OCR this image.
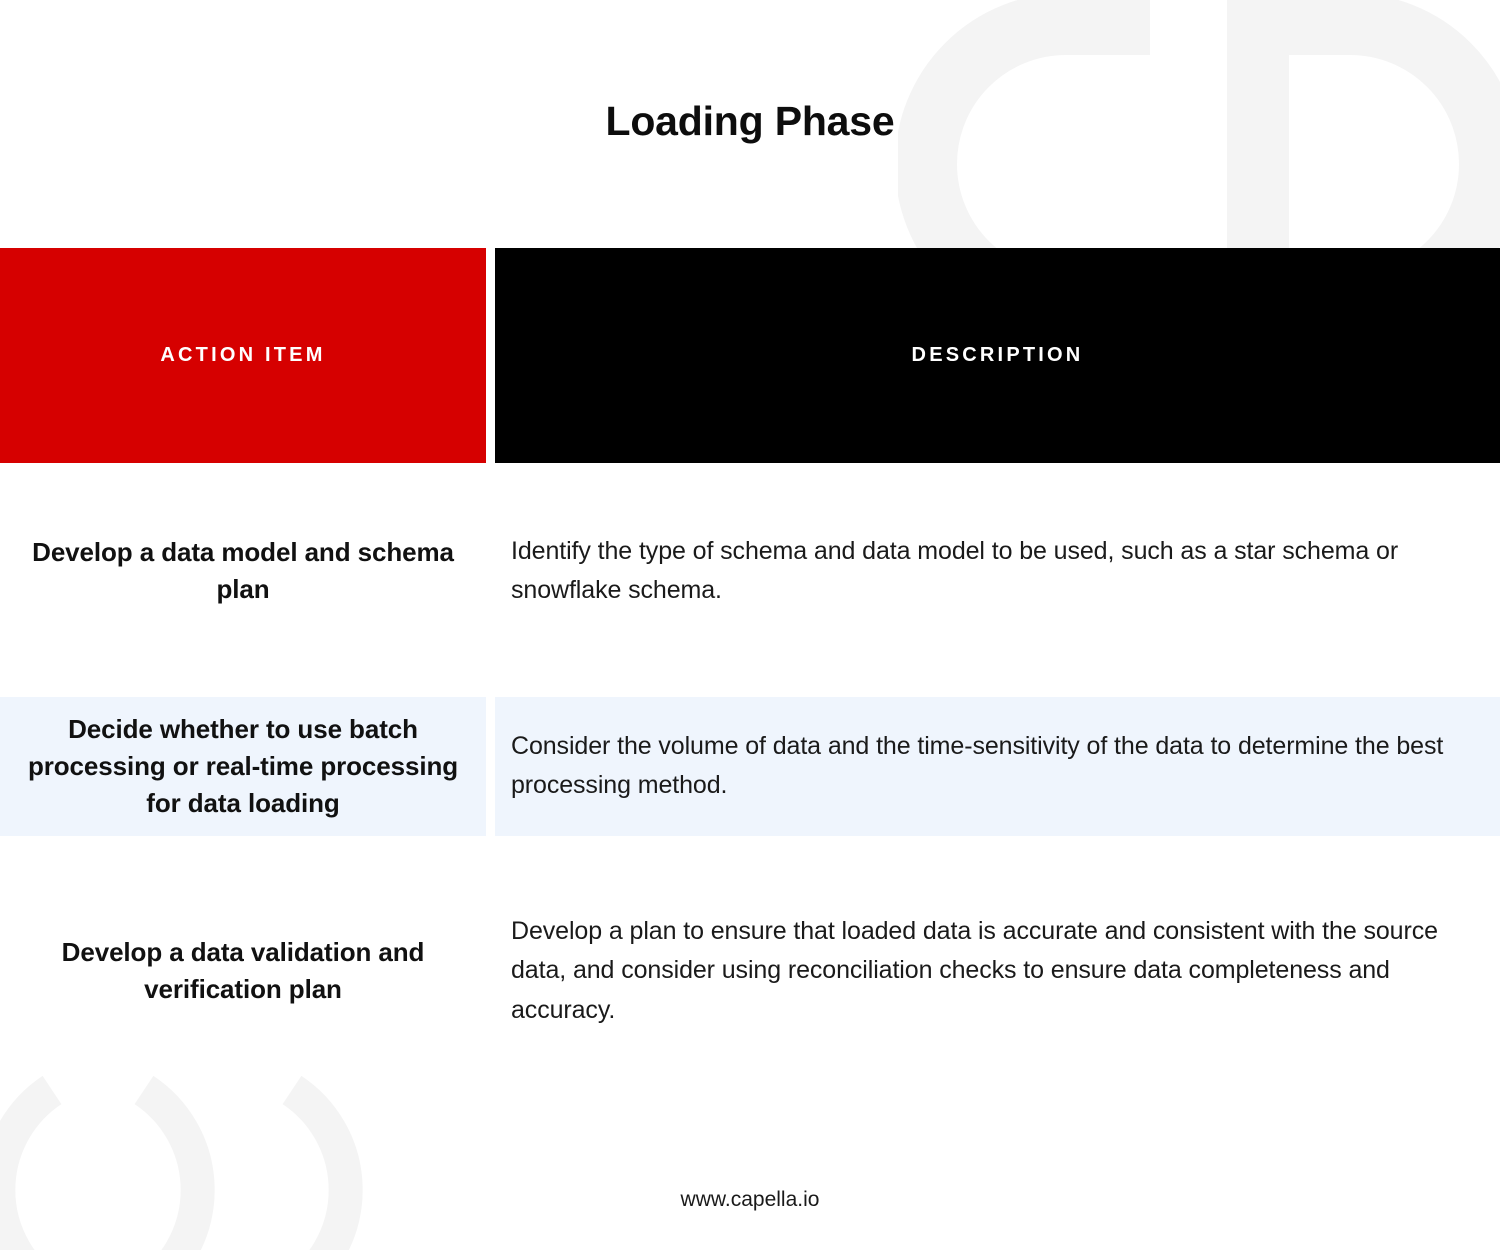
Loading Phase
ACTION ITEM	DESCRIPTION
Develop a data model and schema plan
Identify the type of schema and data model to be used, such as a star schema or snowflake schema.
Decide whether to use batch processing or real-time processing for data loading
Consider the volume of data and the time-sensitivity of the data to determine the best processing method.
Develop a data validation and verification plan
Develop a plan to ensure that loaded data is accurate and consistent with the source data, and consider using reconciliation checks to ensure data completeness and accuracy.
www.capella.io
